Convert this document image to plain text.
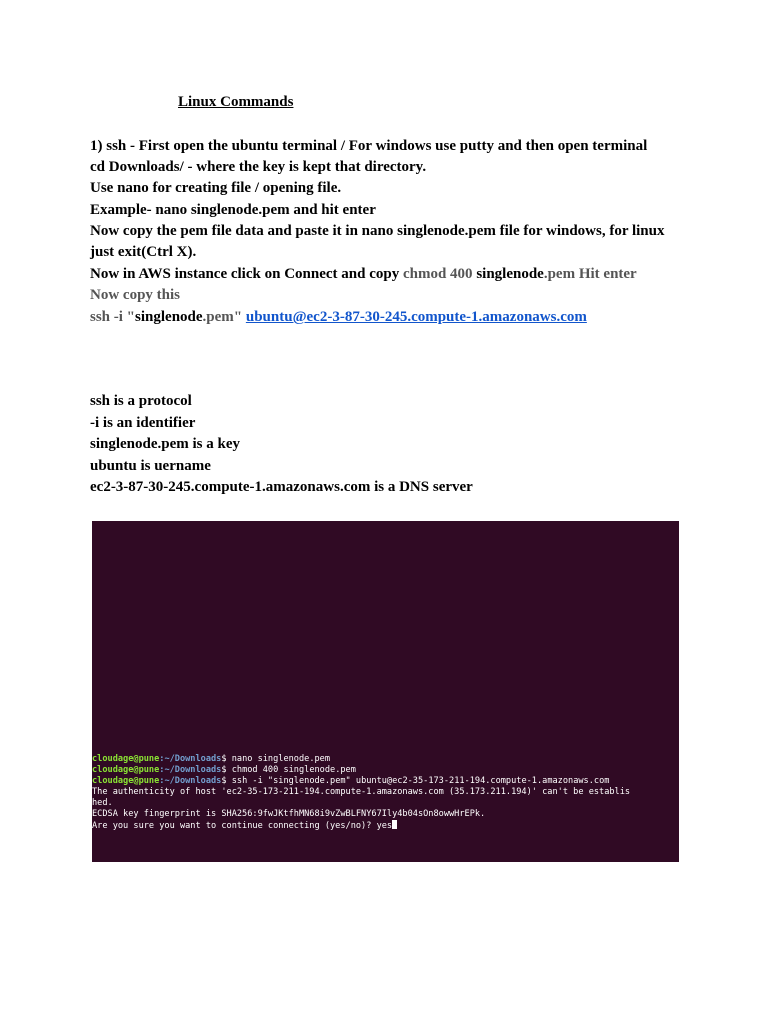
Linux Commands

1) ssh - First open the ubuntu terminal / For windows use putty and then open terminal

cd Downloads/ - where the key is kept that directory.

Use nano for creating file / opening file.

Example- nano singlenode.pem and hit enter

Now copy the pem file data and paste it in nano singlenode.pem file for windows, for linux

just exit(Ctrl X).

Now in AWS instance click on Connect and copy chmod 400 singlenode.pem Hit enter

Now copy this

ssh -i "singlenode.pem" ubuntu@ec2-3-87-30-245.compute-1.amazonaws.com

ssh is a protocol

-i is an identifier

singlenode.pem is a key

ubuntu is uername

ec2-3-87-30-245.compute-1.amazonaws.com is a DNS server

cloudage@pune:~/Downloads$ nano singlenode.pem
cloudage@pune:~/Downloads$ chmod 400 singlenode.pem
cloudage@pune:~/Downloads$ ssh -i "singlenode.pem" ubuntu@ec2-35-173-211-194.compute-1.amazonaws.com
The authenticity of host 'ec2-35-173-211-194.compute-1.amazonaws.com (35.173.211.194)' can't be establis
hed.
ECDSA key fingerprint is SHA256:9fwJKtfhMN68i9vZwBLFNY67Ily4b04sOn8owwHrEPk.
Are you sure you want to continue connecting (yes/no)? yes
